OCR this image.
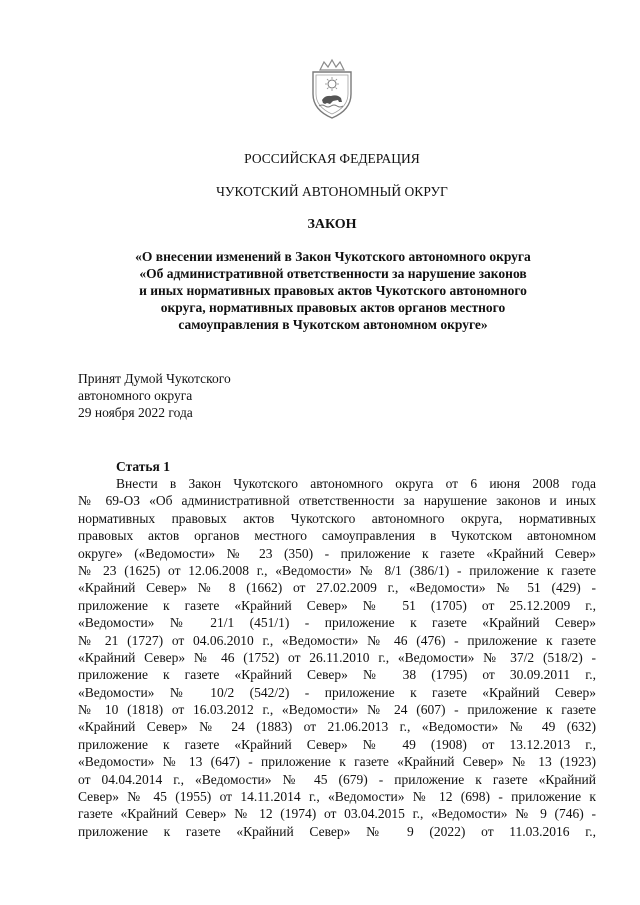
РОССИЙСКАЯ ФЕДЕРАЦИЯ
ЧУКОТСКИЙ АВТОНОМНЫЙ ОКРУГ
ЗАКОН
«О внесении изменений в Закон Чукотского автономного округа
«Об административной ответственности за нарушение законов
и иных нормативных правовых актов Чукотского автономного
округа, нормативных правовых актов органов местного
самоуправления в Чукотском автономном округе»
Принят Думой Чукотского
автономного округа
29 ноября 2022 года
Статья 1
Внести в Закон Чукотского автономного округа от 6 июня 2008 года
№ 69-ОЗ «Об административной ответственности за нарушение законов и иных
нормативных правовых актов Чукотского автономного округа, нормативных
правовых актов органов местного самоуправления в Чукотском автономном
округе» («Ведомости» № 23 (350) - приложение к газете «Крайний Север»
№ 23 (1625) от 12.06.2008 г., «Ведомости» № 8/1 (386/1) - приложение к газете
«Крайний Север» № 8 (1662) от 27.02.2009 г., «Ведомости» № 51 (429) -
приложение к газете «Крайний Север» № 51 (1705) от 25.12.2009 г.,
«Ведомости» № 21/1 (451/1) - приложение к газете «Крайний Север»
№ 21 (1727) от 04.06.2010 г., «Ведомости» № 46 (476) - приложение к газете
«Крайний Север» № 46 (1752) от 26.11.2010 г., «Ведомости» № 37/2 (518/2) -
приложение к газете «Крайний Север» № 38 (1795) от 30.09.2011 г.,
«Ведомости» № 10/2 (542/2) - приложение к газете «Крайний Север»
№ 10 (1818) от 16.03.2012 г., «Ведомости» № 24 (607) - приложение к газете
«Крайний Север» № 24 (1883) от 21.06.2013 г., «Ведомости» № 49 (632)
приложение к газете «Крайний Север» № 49 (1908) от 13.12.2013 г.,
«Ведомости» № 13 (647) - приложение к газете «Крайний Север» № 13 (1923)
от 04.04.2014 г., «Ведомости» № 45 (679) - приложение к газете «Крайний
Север» № 45 (1955) от 14.11.2014 г., «Ведомости» № 12 (698) - приложение к
газете «Крайний Север» № 12 (1974) от 03.04.2015 г., «Ведомости» № 9 (746) -
приложение к газете «Крайний Север» № 9 (2022) от 11.03.2016 г.,
